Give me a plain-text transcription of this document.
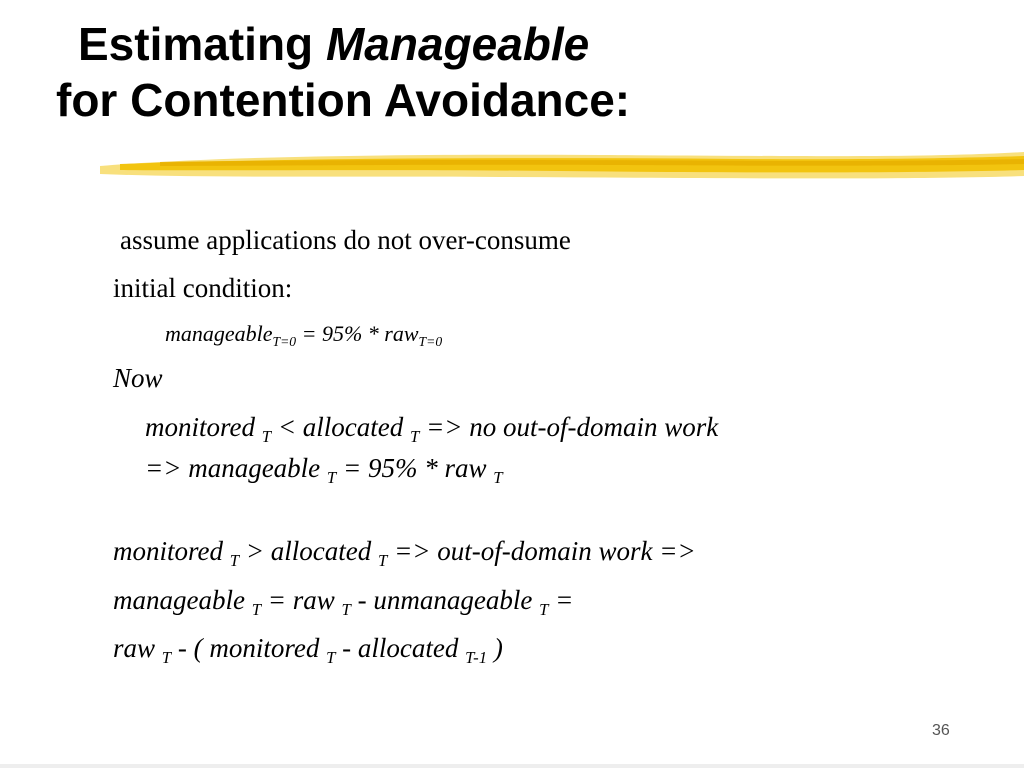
Estimating Manageable
for Contention Avoidance:
assume applications do not over-consume
initial condition:
manageable$_{T=0}$ = 95% * raw$_{T=0}$
Now
monitored $_T$ < allocated $_T$ => no out-of-domain work
=> manageable $_T$ = 95% * raw $_T$
monitored $_T$ > allocated $_T$ => out-of-domain work =>
manageable $_T$ = raw $_T$ - unmanageable $_T$ =
raw $_T$ - ( monitored $_T$ - allocated $_{T-1}$ )
36
